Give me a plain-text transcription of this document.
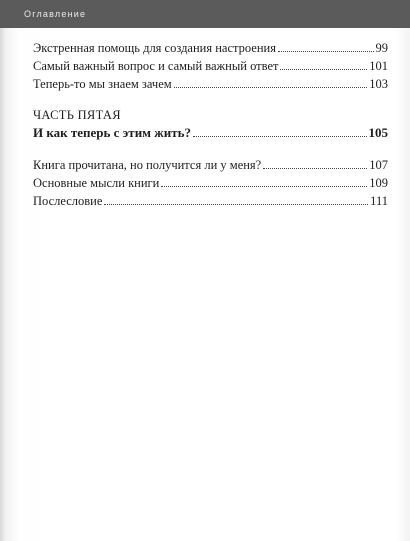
Оглавление
Экстренная помощь для создания настроения	99
Самый важный вопрос и самый важный ответ	101
Теперь-то мы знаем зачем	103
ЧАСТЬ ПЯТАЯ
И как теперь с этим жить?	105
Книга прочитана, но получится ли у меня?	107
Основные мысли книги	109
Послесловие	111
